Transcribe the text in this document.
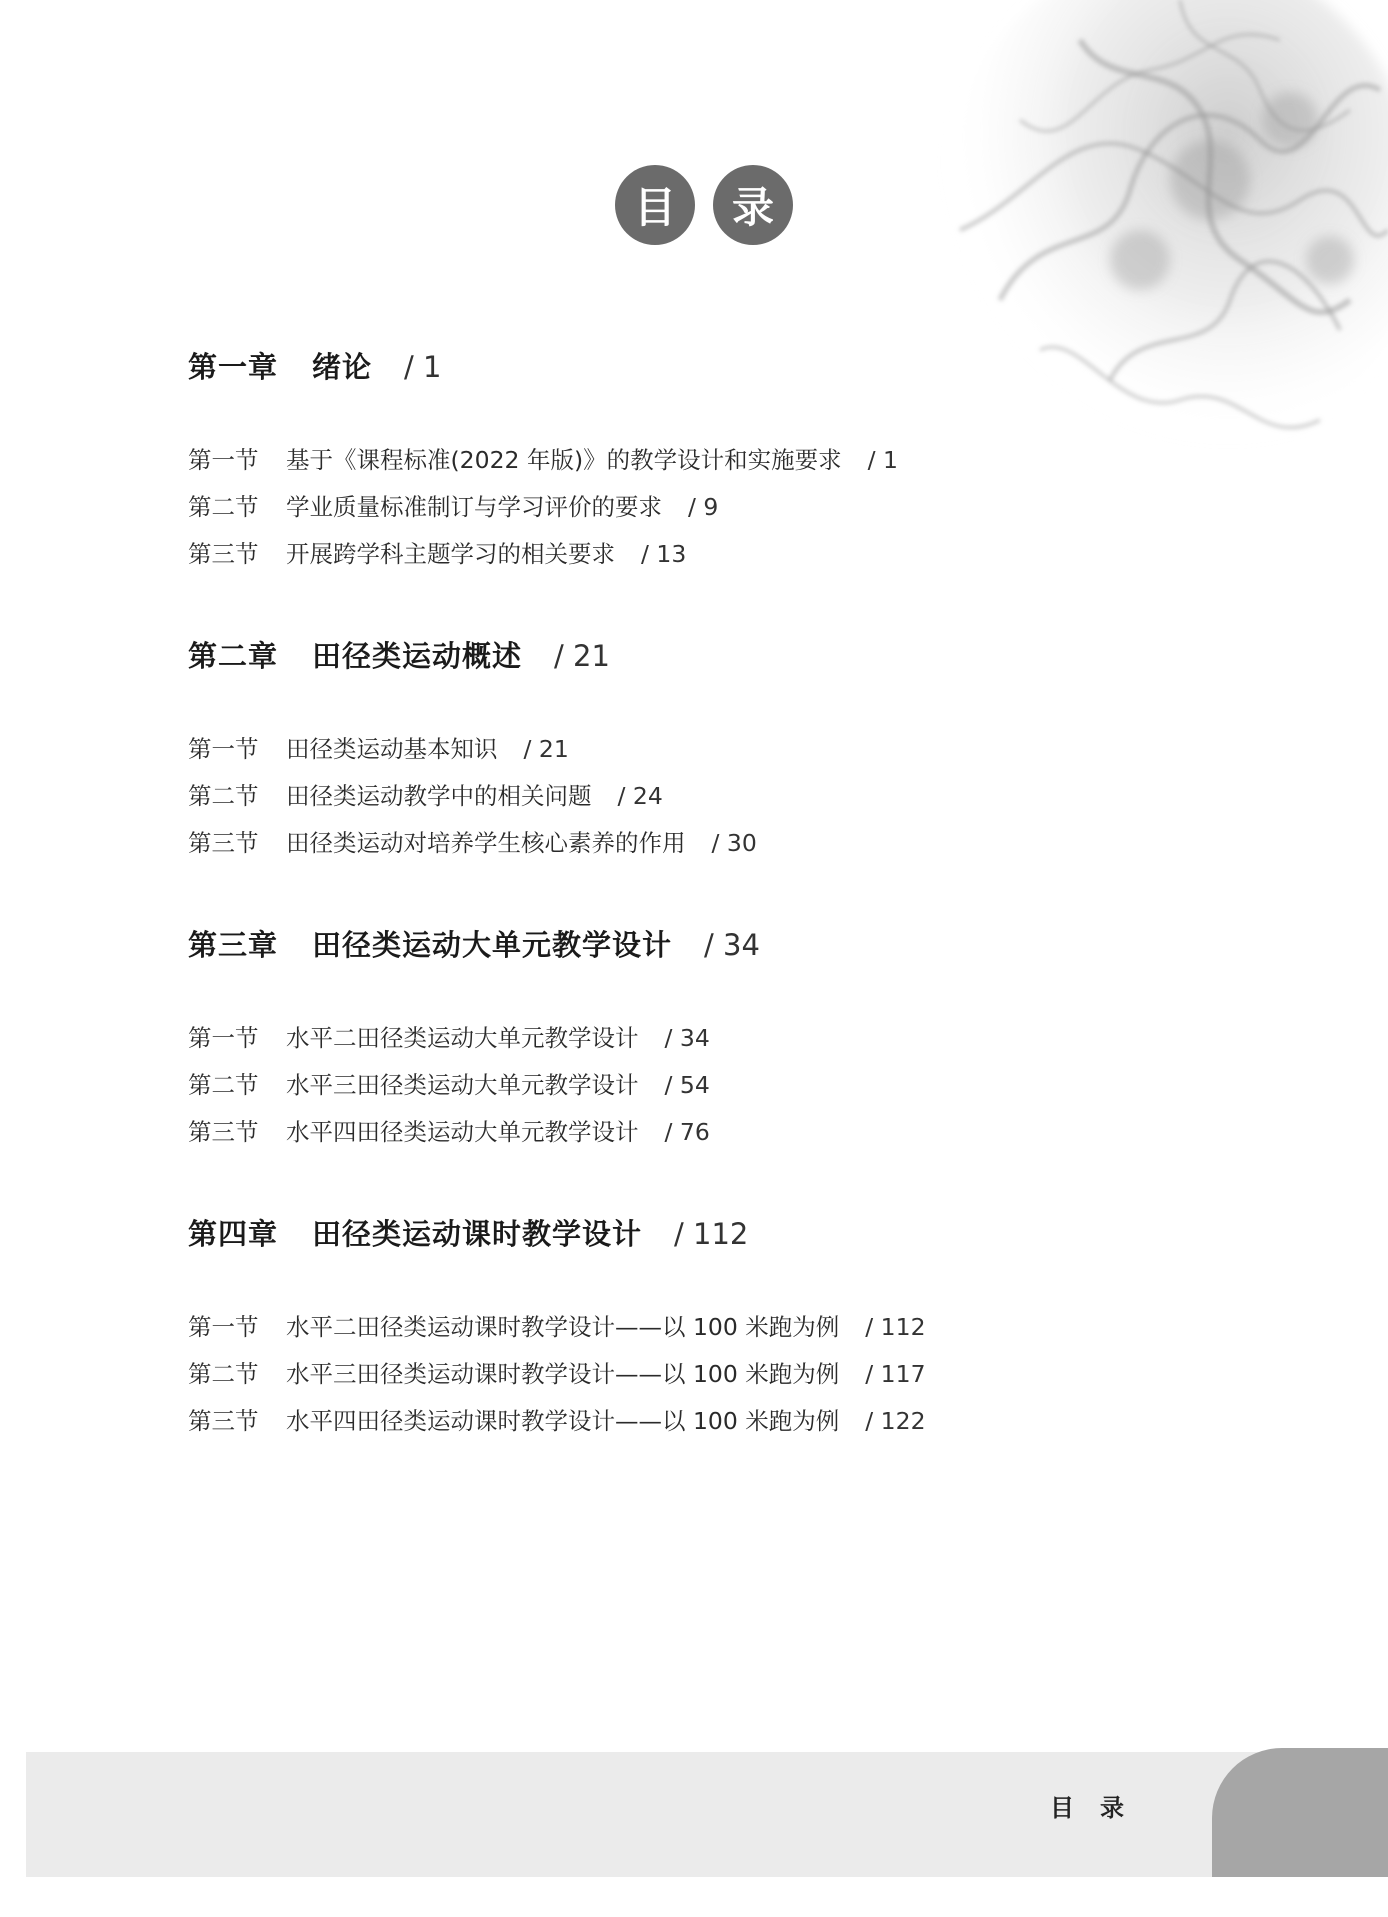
目	录
第一章 绪论 / 1
第一节	基于《课程标准(2022 年版)》的教学设计和实施要求 / 1
第二节	学业质量标准制订与学习评价的要求 / 9
第三节	开展跨学科主题学习的相关要求 / 13
第二章 田径类运动概述 / 21
第一节	田径类运动基本知识 / 21
第二节	田径类运动教学中的相关问题 / 24
第三节	田径类运动对培养学生核心素养的作用 / 30
第三章 田径类运动大单元教学设计 / 34
第一节	水平二田径类运动大单元教学设计 / 34
第二节	水平三田径类运动大单元教学设计 / 54
第三节	水平四田径类运动大单元教学设计 / 76
第四章 田径类运动课时教学设计 / 112
第一节	水平二田径类运动课时教学设计——以 100 米跑为例 / 112
第二节	水平三田径类运动课时教学设计——以 100 米跑为例 / 117
第三节	水平四田径类运动课时教学设计——以 100 米跑为例 / 122
目录
